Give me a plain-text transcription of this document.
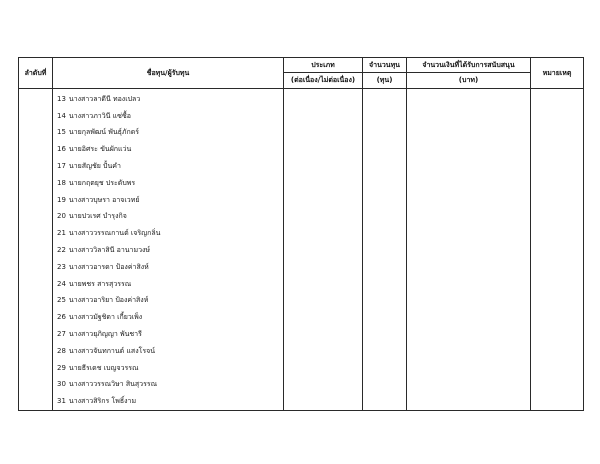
ลำดับที่	ชื่อทุน/ผู้รับทุน	ประเภท	จำนวนทุน	จำนวนเงินที่ได้รับการสนับสนุน	หมายเหตุ
		(ต่อเนื่อง/ไม่ต่อเนื่อง)	(ทุน)	(บาท)	
	13 นางสาวลาดีนี ทองเปลว				
	14 นางสาวภาวินี แซ่ซื้อ				
	15 นายกุลพัฒน์ พันธุ์ภักดร์				
	16 นายอิศระ ขันผักแว่น				
	17 นายสัญชัย ปั้นคำ				
	18 นายกฤตยุช ประดับพร				
	19 นางสาวบุษรา อาจเวทย์				
	20 นายปวเรศ บำรุงกิจ				
	21 นางสาววรรณกานต์ เจริญกลิ่น				
	22 นางสาววิลาสินี อานามวงษ์				
	23 นางสาวอารดา ป้องค่าสิงห์				
	24 นายพชร สารสุวรรณ				
	25 นางสาวอาริยา ป้องค่าสิงห์				
	26 นางสาวมัฐชิดา เกี้ยวเพ็ง				
	27 นางสาวยุภิญญา พันชารี				
	28 นางสาวจันทกานต์ แสงโรจน์				
	29 นายธีรเดช เบญจวรรณ				
	30 นางสาววรรณวิษา สินสุวรรณ				
	31 นางสาวสิริกร โพธิ์งาม				
